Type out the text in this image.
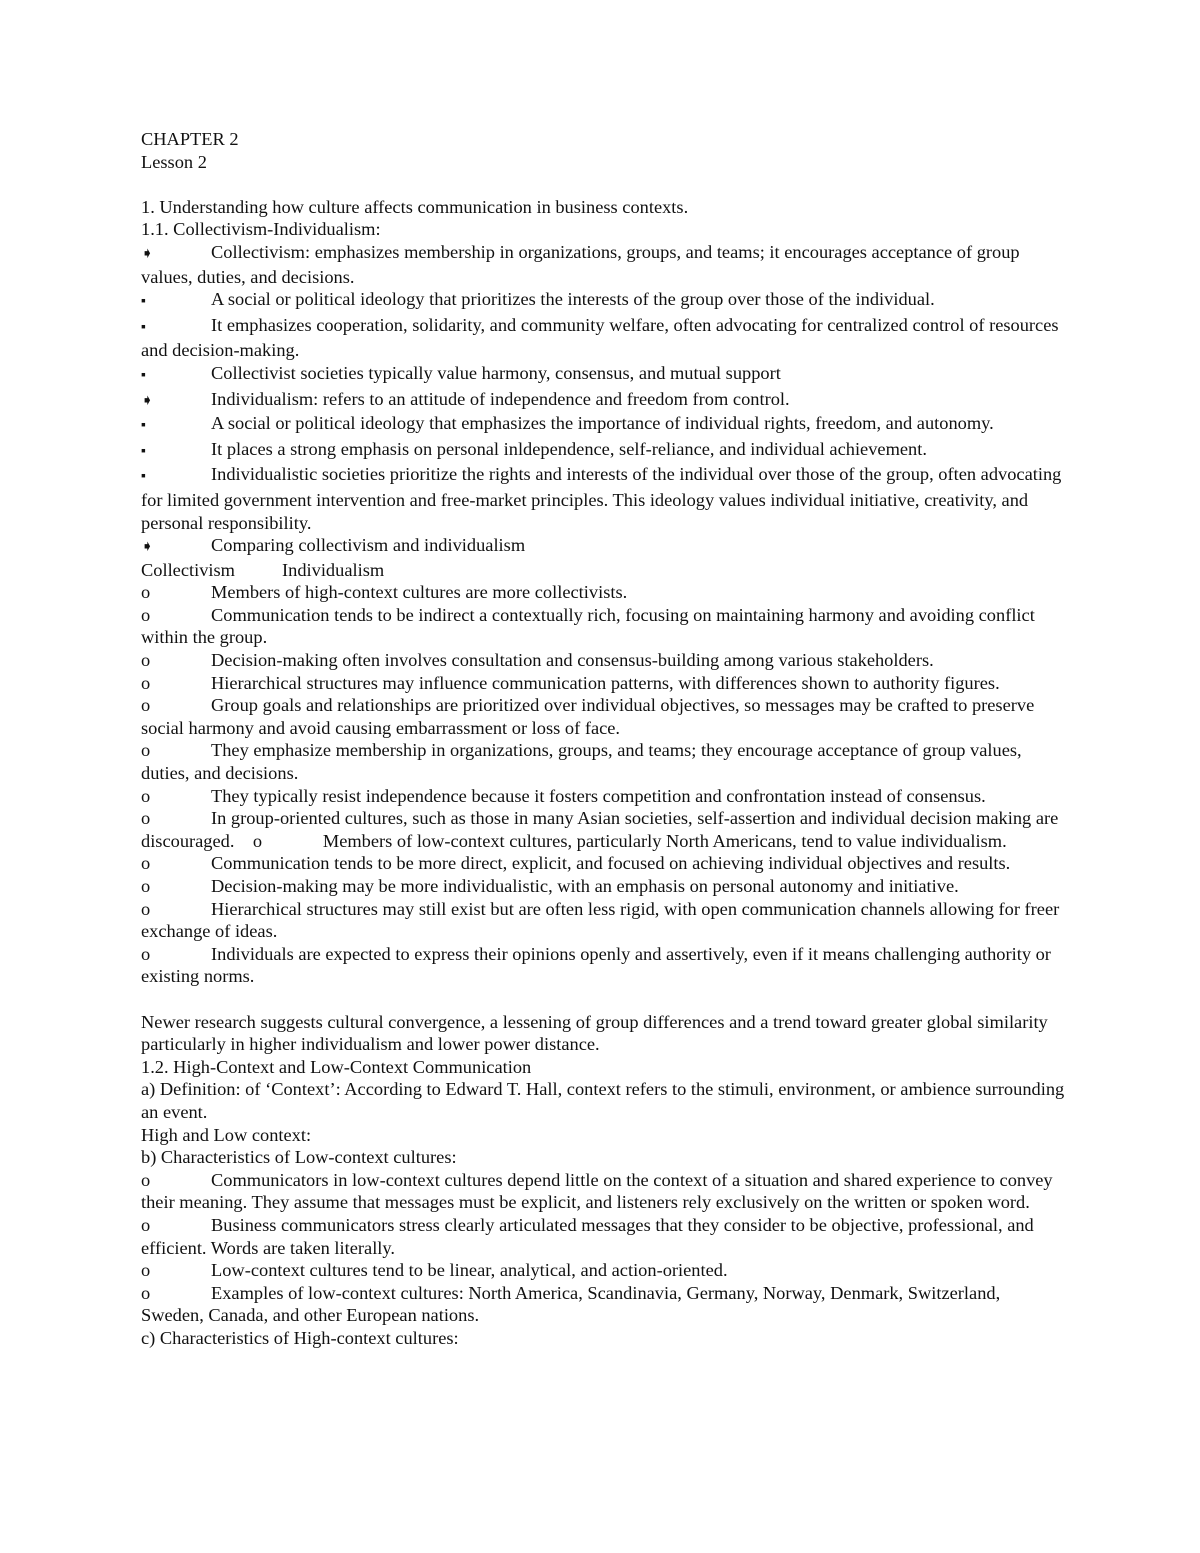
CHAPTER 2

Lesson 2

1. Understanding how culture affects communication in business contexts.

1.1. Collectivism-Individualism:

➧	Collectivism: emphasizes membership in organizations, groups, and teams; it encourages acceptance of group values, duties, and decisions.

▪	A social or political ideology that prioritizes the interests of the group over those of the individual.

▪	It emphasizes cooperation, solidarity, and community welfare, often advocating for centralized control of resources and decision-making.

▪	Collectivist societies typically value harmony, consensus, and mutual support

➧	Individualism: refers to an attitude of independence and freedom from control.

▪	A social or political ideology that emphasizes the importance of individual rights, freedom, and autonomy.

▪	It places a strong emphasis on personal inldependence, self-reliance, and individual achievement.

▪	Individualistic societies prioritize the rights and interests of the individual over those of the group, often advocating for limited government intervention and free-market principles. This ideology values individual initiative, creativity, and personal responsibility.

➧	Comparing collectivism and individualism

Collectivism	Individualism

o	Members of high-context cultures are more collectivists.

o	Communication tends to be indirect a contextually rich, focusing on maintaining harmony and avoiding conflict within the group.

o	Decision-making often involves consultation and consensus-building among various stakeholders.

o	Hierarchical structures may influence communication patterns, with differences shown to authority figures.

o	Group goals and relationships are prioritized over individual objectives, so messages may be crafted to preserve social harmony and avoid causing embarrassment or loss of face.

o	They emphasize membership in organizations, groups, and teams; they encourage acceptance of group values, duties, and decisions.

o	They typically resist independence because it fosters competition and confrontation instead of consensus.

o	In group-oriented cultures, such as those in many Asian societies, self-assertion and individual decision making are discouraged. o	Members of low-context cultures, particularly North Americans, tend to value individualism.

o	Communication tends to be more direct, explicit, and focused on achieving individual objectives and results.

o	Decision-making may be more individualistic, with an emphasis on personal autonomy and initiative.

o	Hierarchical structures may still exist but are often less rigid, with open communication channels allowing for freer exchange of ideas.

o	Individuals are expected to express their opinions openly and assertively, even if it means challenging authority or existing norms.

Newer research suggests cultural convergence, a lessening of group differences and a trend toward greater global similarity particularly in higher individualism and lower power distance.

1.2. High-Context and Low-Context Communication

a) Definition: of ‘Context’: According to Edward T. Hall, context refers to the stimuli, environment, or ambience surrounding an event.

High and Low context:

b) Characteristics of Low-context cultures:

o	Communicators in low-context cultures depend little on the context of a situation and shared experience to convey their meaning. They assume that messages must be explicit, and listeners rely exclusively on the written or spoken word.

o	Business communicators stress clearly articulated messages that they consider to be objective, professional, and efficient. Words are taken literally.

o	Low-context cultures tend to be linear, analytical, and action-oriented.

o	Examples of low-context cultures: North America, Scandinavia, Germany, Norway, Denmark, Switzerland, Sweden, Canada, and other European nations.

c) Characteristics of High-context cultures:
